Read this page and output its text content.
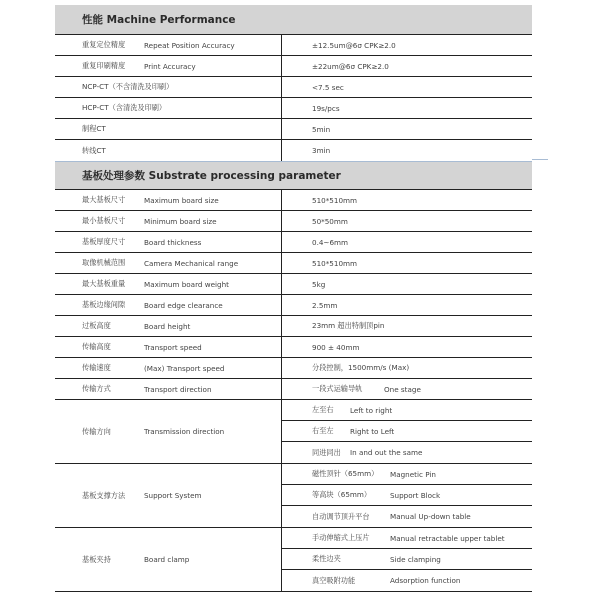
性能 Machine Performance
重复定位精度	Repeat Position Accuracy	±12.5um@6σ CPK≥2.0
重复印刷精度	Print Accuracy	±22um@6σ CPK≥2.0
NCP-CT（不含清洗及印刷）	<7.5 sec
HCP-CT（含清洗及印刷）	19s/pcs
制程CT	5min
转线CT	3min
基板处理参数 Substrate processing parameter
最大基板尺寸	Maximum board size	510*510mm
最小基板尺寸	Minimum board size	50*50mm
基板厚度尺寸	Board thickness	0.4~6mm
取像机械范围	Camera Mechanical range	510*510mm
最大基板重量	Maximum board weight	5kg
基板边缘间隙	Board edge clearance	2.5mm
过板高度	Board height	23mm 超出特制顶pin
传输高度	Transport speed	900 ± 40mm
传输速度	(Max) Transport speed	分段控制，1500mm/s (Max)
传输方式	Transport direction	一段式运输导轨	One stage
传输方向	Transmission direction
左至右	Left to right
右至左	Right to Left
同进同出	In and out the same
基板支撑方法	Support System
磁性顶针（65mm）	Magnetic Pin
等高块（65mm）	Support Block
自动调节顶升平台	Manual Up-down table
基板夹持	Board clamp
手动伸缩式上压片	Manual retractable upper tablet
柔性边夹	Side clamping
真空吸附功能	Adsorption function
